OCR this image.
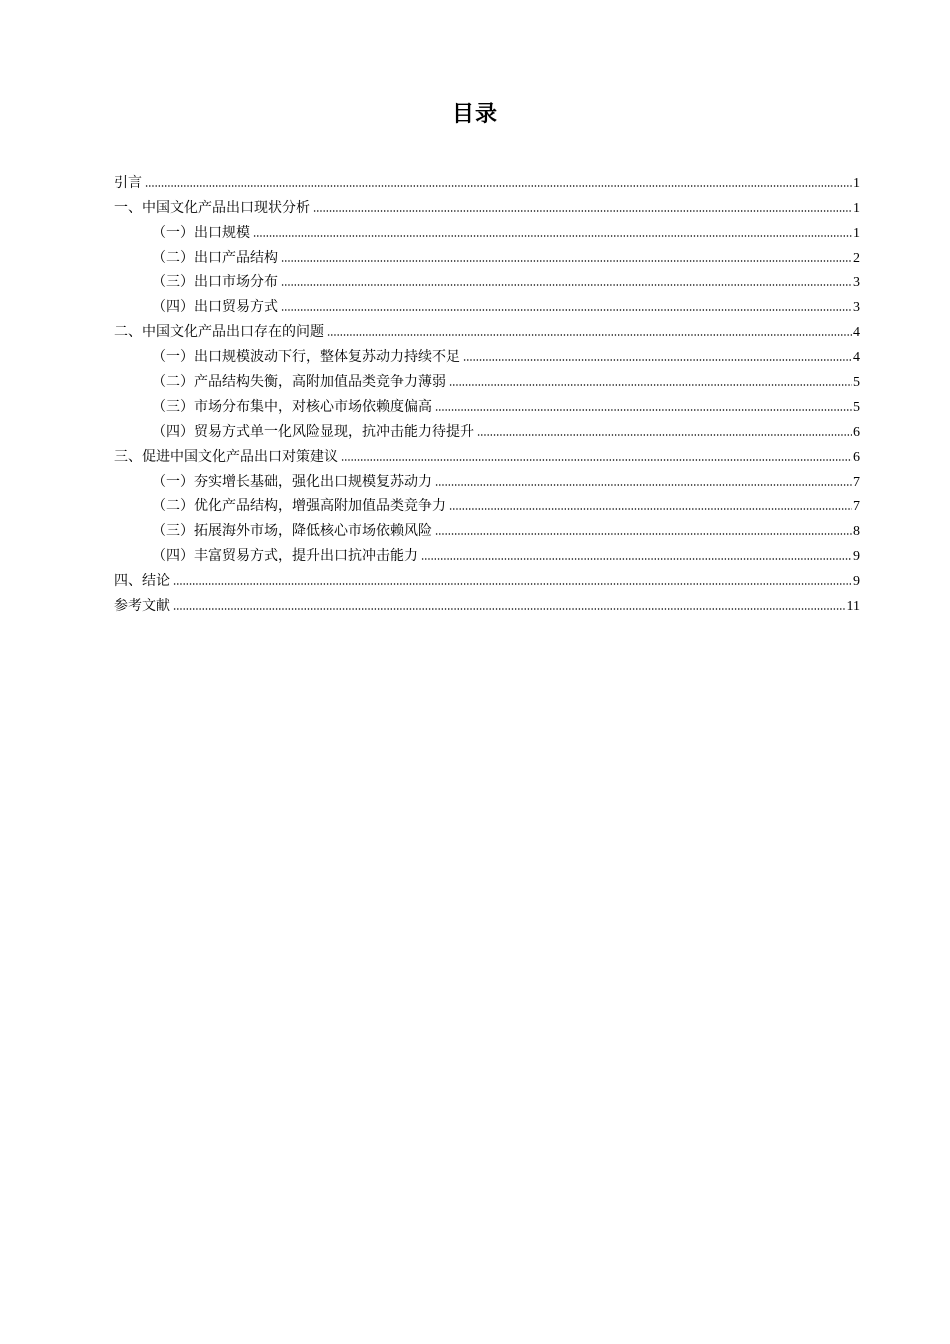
目录
引言	1
一、中国文化产品出口现状分析	1
（一）出口规模	1
（二）出口产品结构	2
（三）出口市场分布	3
（四）出口贸易方式	3
二、中国文化产品出口存在的问题	4
（一）出口规模波动下行，整体复苏动力持续不足	4
（二）产品结构失衡，高附加值品类竞争力薄弱	5
（三）市场分布集中，对核心市场依赖度偏高	5
（四）贸易方式单一化风险显现，抗冲击能力待提升	6
三、促进中国文化产品出口对策建议	6
（一）夯实增长基础，强化出口规模复苏动力	7
（二）优化产品结构，增强高附加值品类竞争力	7
（三）拓展海外市场，降低核心市场依赖风险	8
（四）丰富贸易方式，提升出口抗冲击能力	9
四、结论	9
参考文献	11
